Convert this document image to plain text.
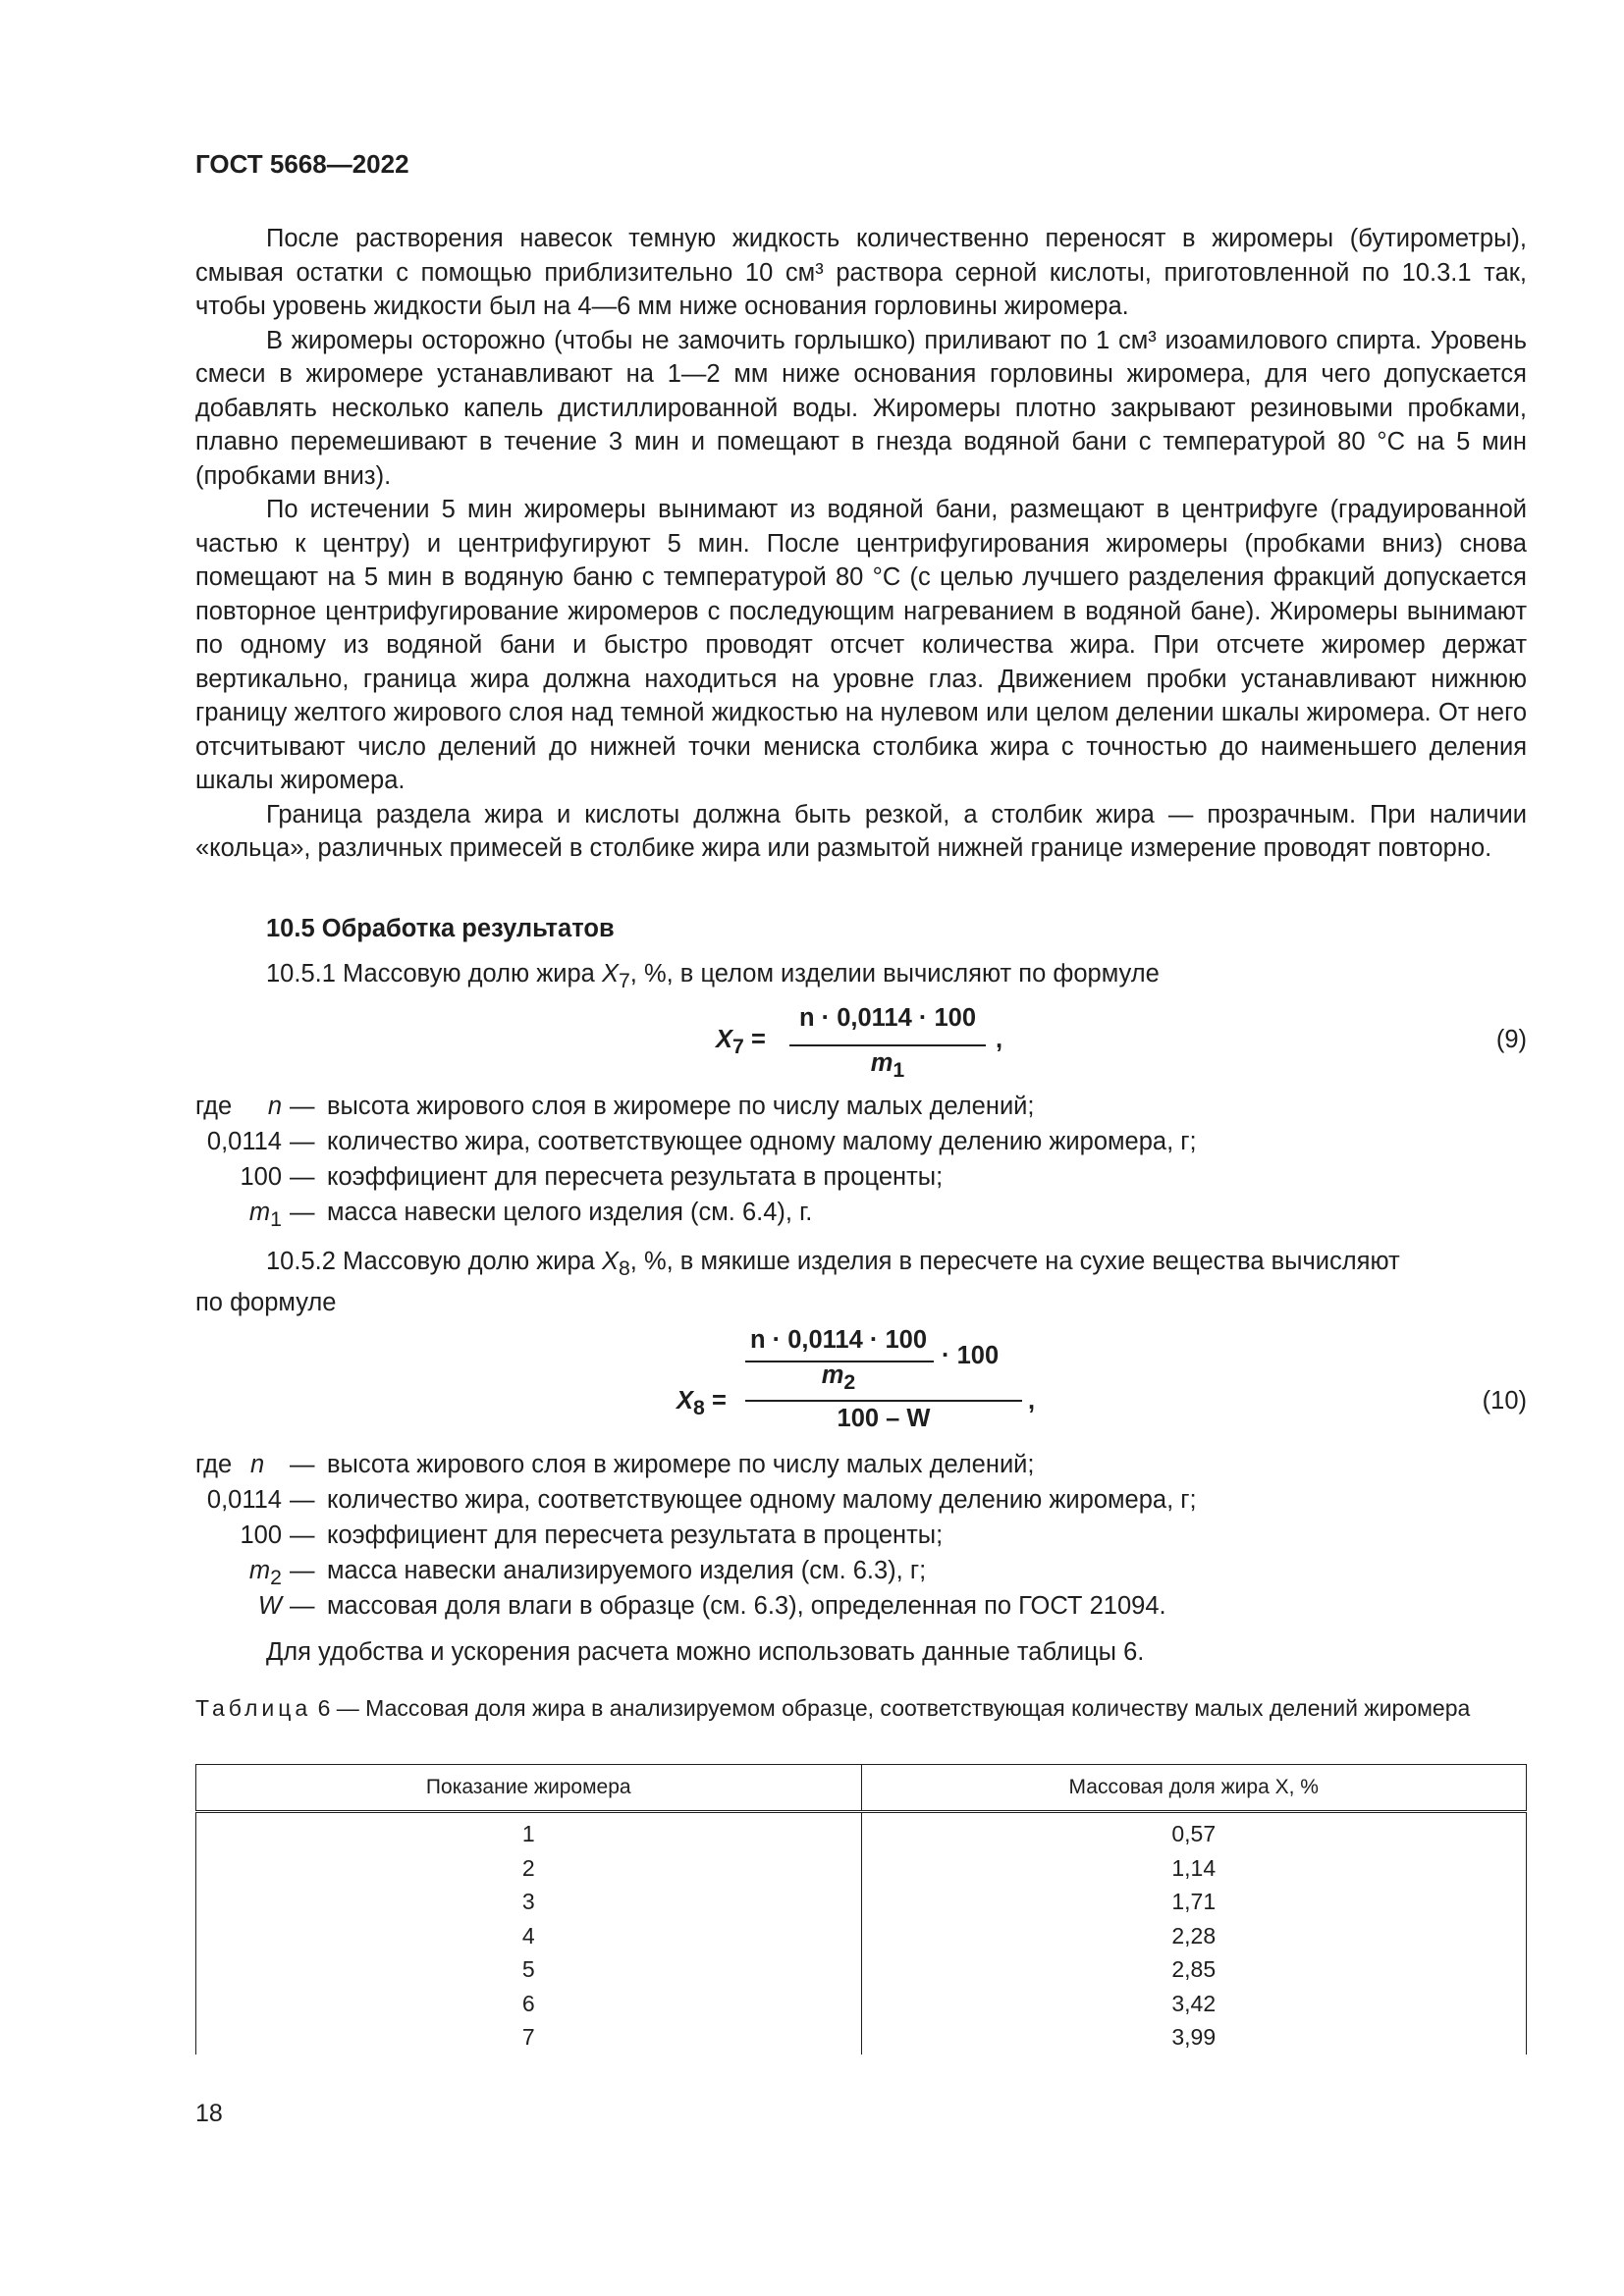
ГОСТ 5668—2022

После растворения навесок темную жидкость количественно переносят в жиромеры (бутирометры), смывая остатки с помощью приблизительно 10 см³ раствора серной кислоты, приготовленной по 10.3.1 так, чтобы уровень жидкости был на 4—6 мм ниже основания горловины жиромера.

В жиромеры осторожно (чтобы не замочить горлышко) приливают по 1 см³ изоамилового спирта. Уровень смеси в жиромере устанавливают на 1—2 мм ниже основания горловины жиромера, для чего допускается добавлять несколько капель дистиллированной воды. Жиромеры плотно закрывают резиновыми пробками, плавно перемешивают в течение 3 мин и помещают в гнезда водяной бани с температурой 80 °С на 5 мин (пробками вниз).

По истечении 5 мин жиромеры вынимают из водяной бани, размещают в центрифуге (градуированной частью к центру) и центрифугируют 5 мин. После центрифугирования жиромеры (пробками вниз) снова помещают на 5 мин в водяную баню с температурой 80 °С (с целью лучшего разделения фракций допускается повторное центрифугирование жиромеров с последующим нагреванием в водяной бане). Жиромеры вынимают по одному из водяной бани и быстро проводят отсчет количества жира. При отсчете жиромер держат вертикально, граница жира должна находиться на уровне глаз. Движением пробки устанавливают нижнюю границу желтого жирового слоя над темной жидкостью на нулевом или целом делении шкалы жиромера. От него отсчитывают число делений до нижней точки мениска столбика жира с точностью до наименьшего деления шкалы жиромера.

Граница раздела жира и кислоты должна быть резкой, а столбик жира — прозрачным. При наличии «кольца», различных примесей в столбике жира или размытой нижней границе измерение проводят повторно.

10.5 Обработка результатов

10.5.1 Массовую долю жира $X_7$, %, в целом изделии вычисляют по формуле

$X_7$ =
n · 0,0114 · 100
$m_1$
,	(9)
где	n — высота жирового слоя в жиромере по числу малых делений;
0,0114 — количество жира, соответствующее одному малому делению жиромера, г;
100 — коэффициент для пересчета результата в проценты;
$m_1$ — масса навески целого изделия (см. 6.4), г.

10.5.2 Массовую долю жира $X_8$, %, в мякише изделия в пересчете на сухие вещества вычисляют

по формуле
$X_8$ =
n · 0,0114 · 100
$m_2$
· 100
100 – W
,	(10)
где n — высота жирового слоя в жиромере по числу малых делений;
0,0114 — количество жира, соответствующее одному малому делению жиромера, г;
100 — коэффициент для пересчета результата в проценты;
$m_2$ — масса навески анализируемого изделия (см. 6.3), г;
W — массовая доля влаги в образце (см. 6.3), определенная по ГОСТ 21094.
Для удобства и ускорения расчета можно использовать данные таблицы 6.
Таблица 6 — Массовая доля жира в анализируемом образце, соответствующая количеству малых делений жиромера
Показание жиромера	Массовая доля жира X, %
1	0,57
2	1,14
3	1,71
4	2,28
5	2,85
6	3,42
7	3,99
18
